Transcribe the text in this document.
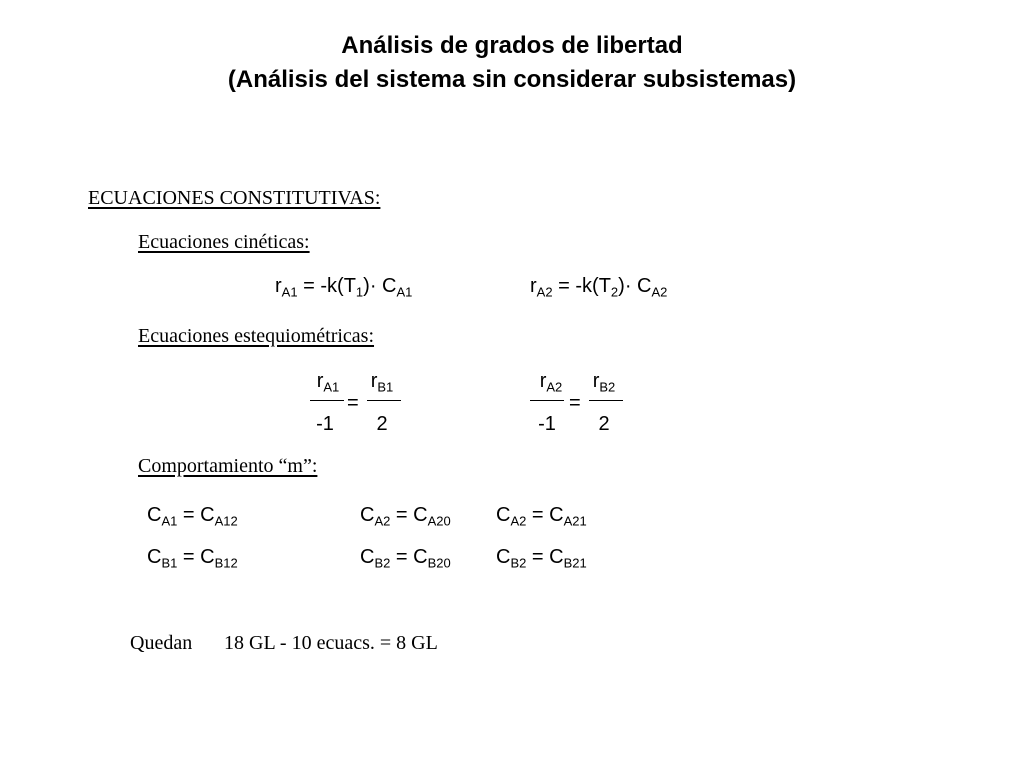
Análisis de grados de libertad
(Análisis del sistema sin considerar subsistemas)
ECUACIONES CONSTITUTIVAS:
Ecuaciones cinéticas:
$r_{A1} = -k(T_1)\cdot C_{A1}$	$r_{A2} = -k(T_2)\cdot C_{A2}$
Ecuaciones estequiométricas:
$r_{A1}$
-1
=
$r_{B1}$
2
$r_{A2}$
-1
=
$r_{B2}$
2
Comportamiento “m”:
$C_{A1} = C_{A12}$	$C_{A2} = C_{A20}$ $C_{A2} = C_{A21}$
$C_{B1} = C_{B12}$	$C_{B2} = C_{B20}$ $C_{B2} = C_{B21}$
Quedan 18 GL - 10 ecuacs. = 8 GL
